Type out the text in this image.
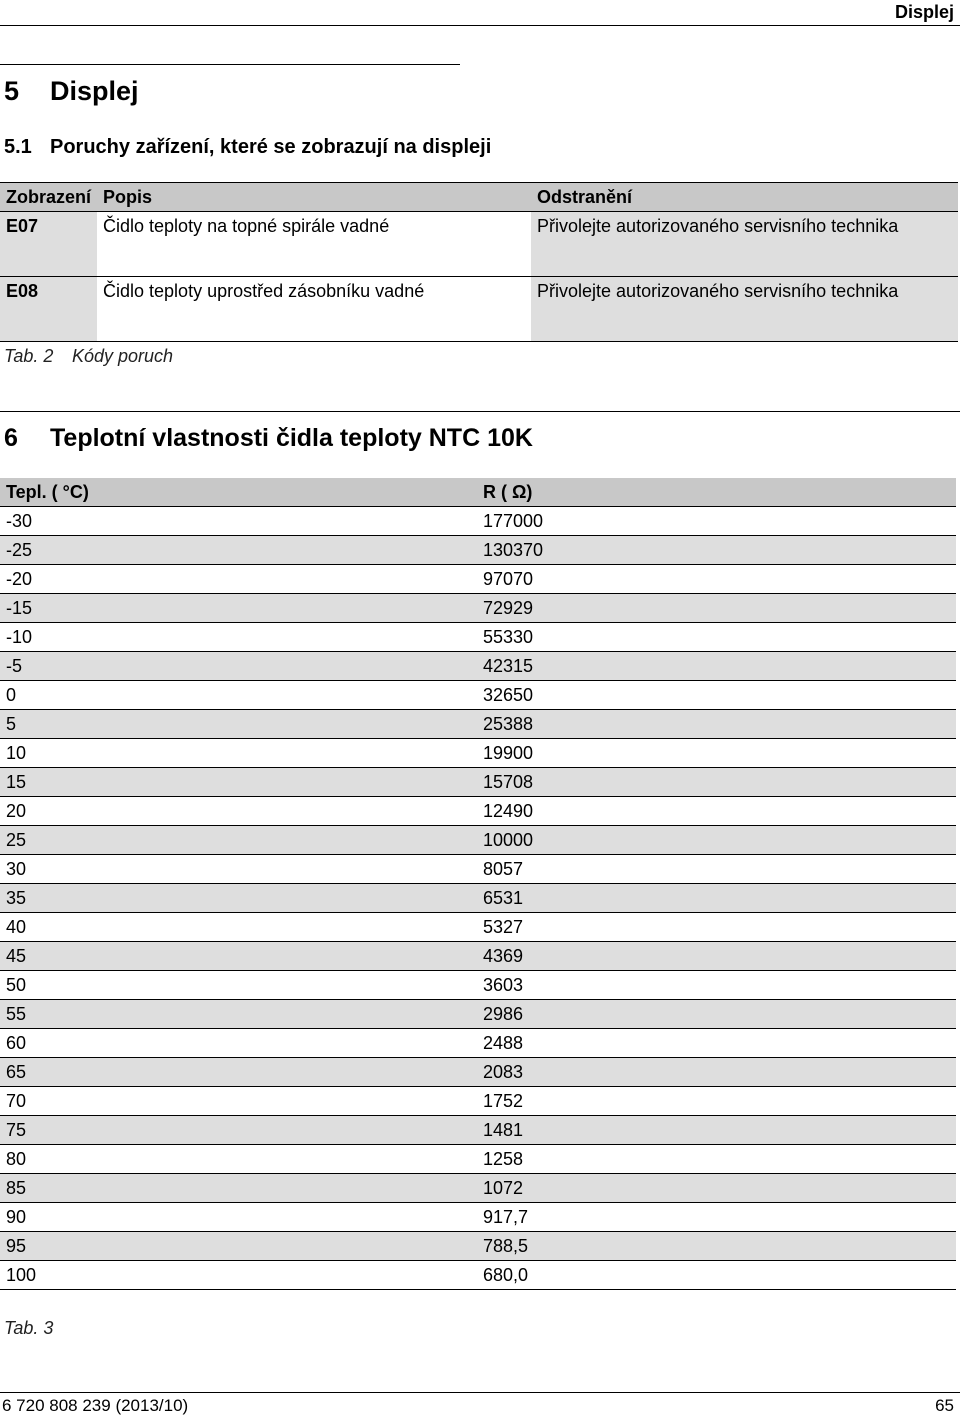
Displej
5 Displej
5.1 Poruchy zařízení, které se zobrazují na displeji
Zobrazení	Popis	Odstranění
E07	Čidlo teploty na topné spirále vadné	Přivolejte autorizovaného servisního technika
E08	Čidlo teploty uprostřed zásobníku vadné	Přivolejte autorizovaného servisního technika
Tab. 2 Kódy poruch
6 Teplotní vlastnosti čidla teploty NTC 10K
Tepl. ( °C)	R ( Ω)
-30	177000
-25	130370
-20	97070
-15	72929
-10	55330
-5	42315
0	32650
5	25388
10	19900
15	15708
20	12490
25	10000
30	8057
35	6531
40	5327
45	4369
50	3603
55	2986
60	2488
65	2083
70	1752
75	1481
80	1258
85	1072
90	917,7
95	788,5
100	680,0
Tab. 3
6 720 808 239 (2013/10)	65
